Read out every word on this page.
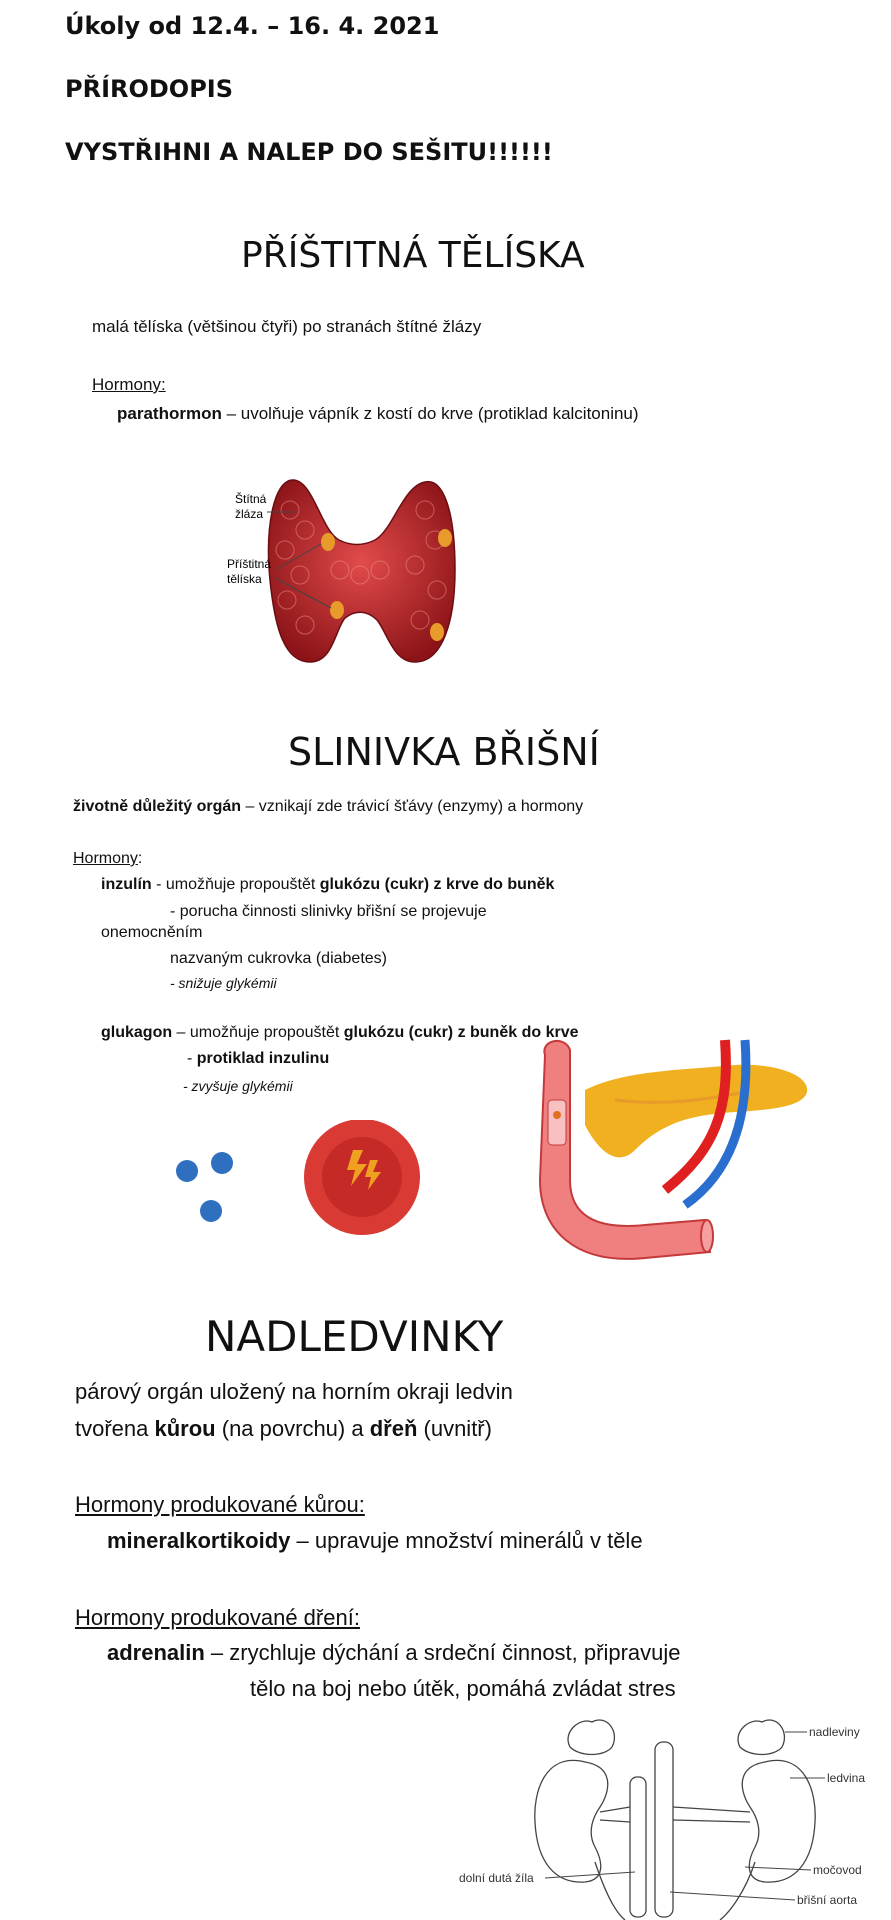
Úkoly od 12.4. – 16. 4. 2021
PŘÍRODOPIS
VYSTŘIHNI A NALEP DO SEŠITU!!!!!!
PŘÍŠTITNÁ TĚLÍSKA
malá tělíska (většinou čtyři) po stranách štítné žlázy
Hormony:
parathormon – uvolňuje vápník z kostí do krve (protiklad kalcitoninu)
Štítná
žláza
Příštitná
tělíska
SLINIVKA BŘIŠNÍ
životně důležitý orgán – vznikají zde trávicí šťávy (enzymy) a hormony
Hormony:
inzulín - umožňuje propouštět glukózu (cukr) z krve do buněk
- porucha činnosti slinivky břišní se projevuje
onemocněním
nazvaným cukrovka (diabetes)
- snižuje glykémii
glukagon – umožňuje propouštět glukózu (cukr) z buněk do krve
- protiklad inzulinu
- zvyšuje glykémii
NADLEDVINKY
párový orgán uložený na horním okraji ledvin
tvořena kůrou (na povrchu) a dřeň (uvnitř)
Hormony produkované kůrou:
mineralkortikoidy – upravuje množství minerálů v těle
Hormony produkované dření:
adrenalin – zrychluje dýchání a srdeční činnost, připravuje
tělo na boj nebo útěk, pomáhá zvládat stres
nadleviny
ledvina
močovod
dolní dutá žíla
břišní aorta
